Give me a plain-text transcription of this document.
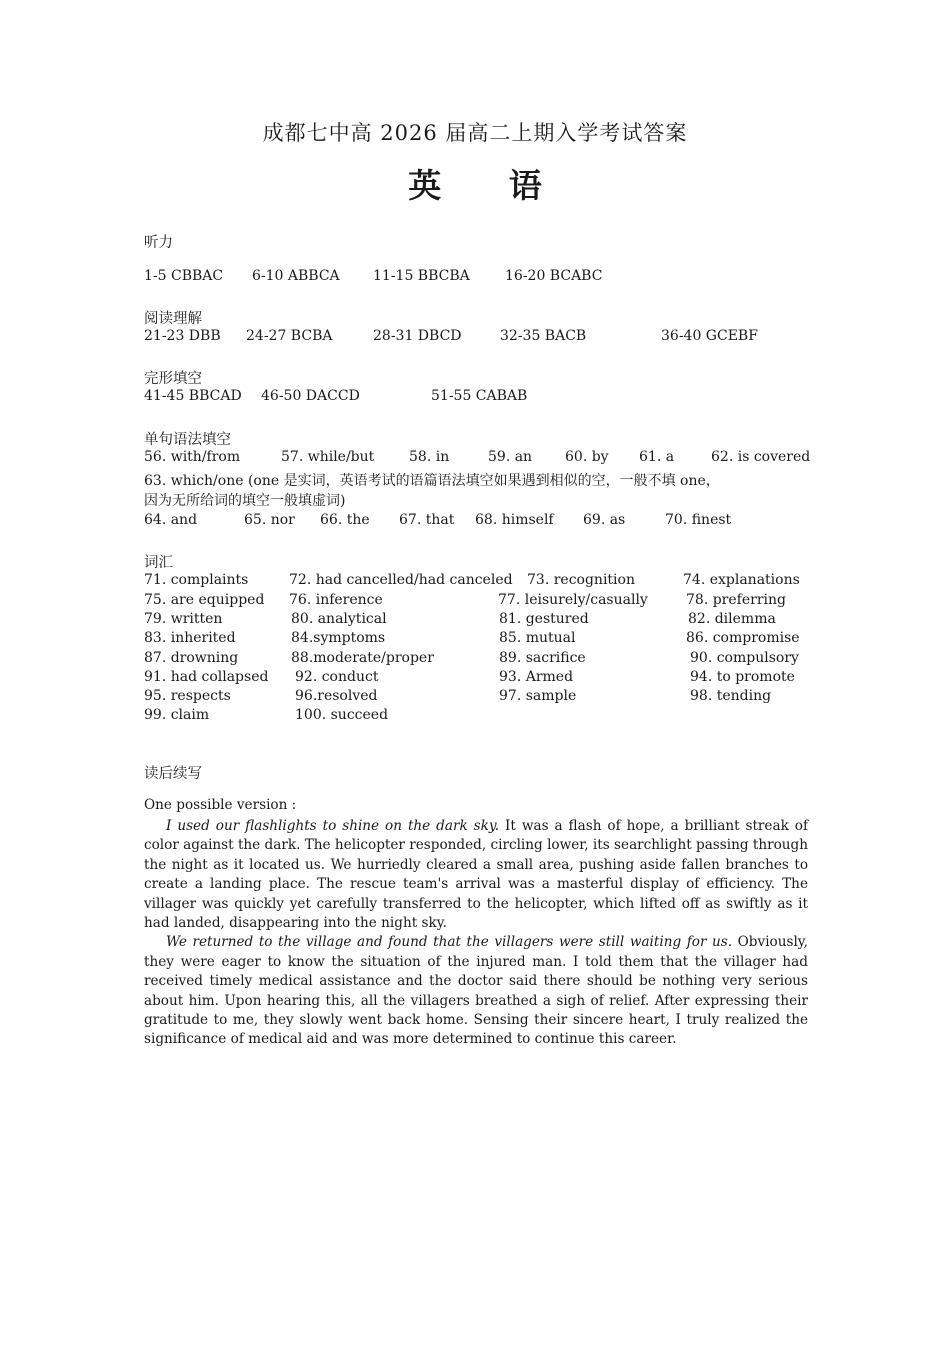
成都七中高 2026 届高二上期入学考试答案
英 语
听力
1-5 CBBAC 6-10 ABBCA 11-15 BBCBA	16-20 BCABC
阅读理解
21-23 DBB 24-27 BCBA	28-31 DBCD	32-35 BACB	36-40 GCEBF
完形填空
41-45 BBCAD 46-50 DACCD	51-55 CABAB
单句语法填空
56. with/from	57. while/but 58. in	59. an 60. by 61. a	62. is covered
63. which/one (one 是实词，英语考试的语篇语法填空如果遇到相似的空，一般不填 one，
因为无所给词的填空一般填虚词)
64. and	65. nor 66. the 67. that 68. himself 69. as	70. finest
词汇
71. complaints	72. had cancelled/had canceled 73. recognition	74. explanations
75. are equipped 76. inference	77. leisurely/casually	78. preferring
79. written	80. analytical	81. gestured	82. dilemma
83. inherited	84.symptoms	85. mutual	86. compromise
87. drowning	88.moderate/proper	89. sacrifice	90. compulsory
91. had collapsed 92. conduct	93. Armed	94. to promote
95. respects	96.resolved	97. sample	98. tending
99. claim	100. succeed
读后续写
One possible version :

I used our flashlights to shine on the dark sky. It was a flash of hope, a brilliant streak of color against the dark. The helicopter responded, circling lower, its searchlight passing through the night as it located us. We hurriedly cleared a small area, pushing aside fallen branches to create a landing place. The rescue team's arrival was a masterful display of efficiency. The villager was quickly yet carefully transferred to the helicopter, which lifted off as swiftly as it had landed, disappearing into the night sky.

We returned to the village and found that the villagers were still waiting for us. Obviously, they were eager to know the situation of the injured man. I told them that the villager had received timely medical assistance and the doctor said there should be nothing very serious about him. Upon hearing this, all the villagers breathed a sigh of relief. After expressing their gratitude to me, they slowly went back home. Sensing their sincere heart, I truly realized the significance of medical aid and was more determined to continue this career.
